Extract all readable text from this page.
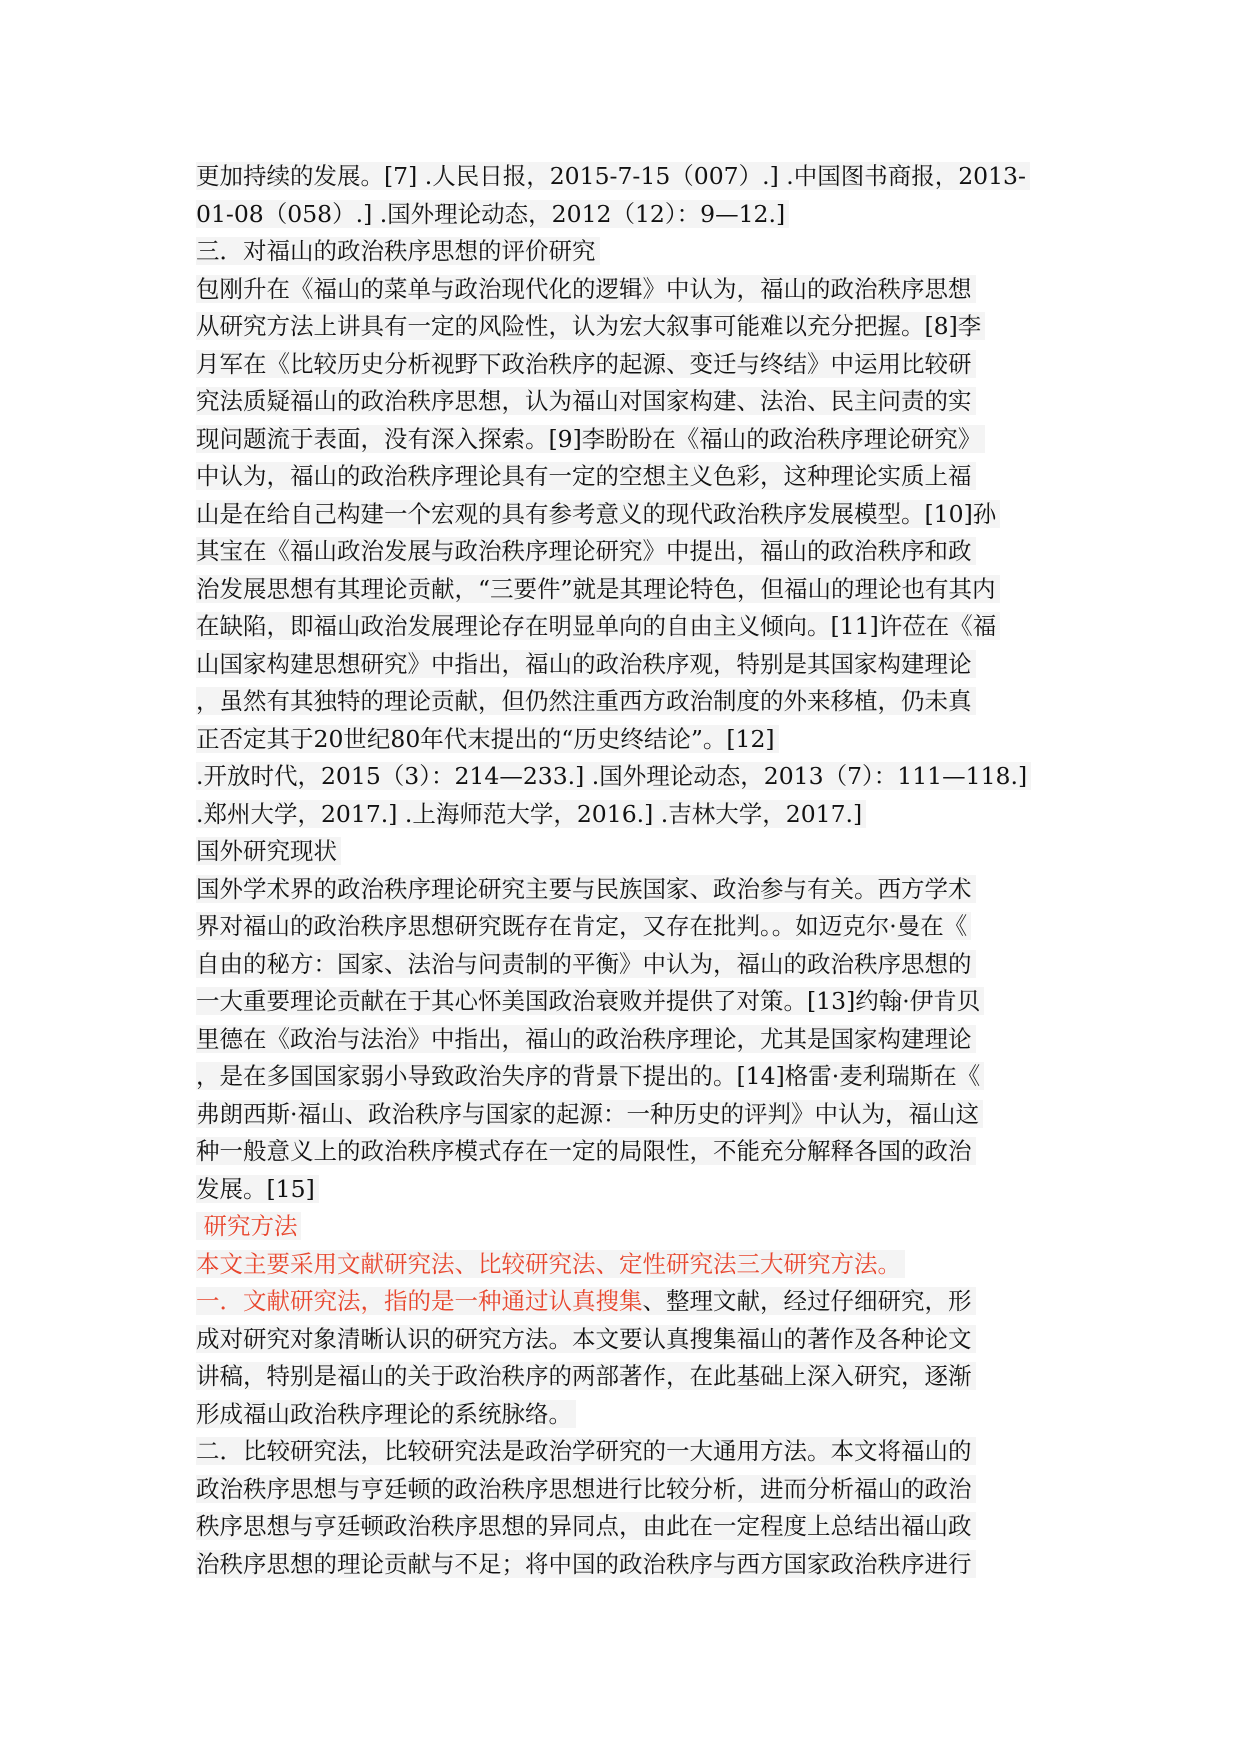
更加持续的发展。[7] .人民日报，2015-7-15（007）.] .中国图书商报，2013-
01-08（058）.] .国外理论动态，2012（12）：9—12.]
三．对福山的政治秩序思想的评价研究
包刚升在《福山的菜单与政治现代化的逻辑》中认为，福山的政治秩序思想
从研究方法上讲具有一定的风险性，认为宏大叙事可能难以充分把握。[8]李
月军在《比较历史分析视野下政治秩序的起源、变迁与终结》中运用比较研
究法质疑福山的政治秩序思想，认为福山对国家构建、法治、民主问责的实
现问题流于表面，没有深入探索。[9]李盼盼在《福山的政治秩序理论研究》
中认为，福山的政治秩序理论具有一定的空想主义色彩，这种理论实质上福
山是在给自己构建一个宏观的具有参考意义的现代政治秩序发展模型。[10]孙
其宝在《福山政治发展与政治秩序理论研究》中提出，福山的政治秩序和政
治发展思想有其理论贡献，“三要件”就是其理论特色，但福山的理论也有其内
在缺陷，即福山政治发展理论存在明显单向的自由主义倾向。[11]许莅在《福
山国家构建思想研究》中指出，福山的政治秩序观，特别是其国家构建理论
，虽然有其独特的理论贡献，但仍然注重西方政治制度的外来移植，仍未真
正否定其于20世纪80年代末提出的“历史终结论”。[12]
.开放时代，2015（3）：214—233.] .国外理论动态，2013（7）：111—118.]
.郑州大学，2017.] .上海师范大学，2016.] .吉林大学，2017.]
国外研究现状
国外学术界的政治秩序理论研究主要与民族国家、政治参与有关。西方学术
界对福山的政治秩序思想研究既存在肯定，又存在批判。。如迈克尔·曼在《
自由的秘方：国家、法治与问责制的平衡》中认为，福山的政治秩序思想的
一大重要理论贡献在于其心怀美国政治衰败并提供了对策。[13]约翰·伊肯贝
里德在《政治与法治》中指出，福山的政治秩序理论，尤其是国家构建理论
，是在多国国家弱小导致政治失序的背景下提出的。[14]格雷·麦利瑞斯在《
弗朗西斯·福山、政治秩序与国家的起源：一种历史的评判》中认为，福山这
种一般意义上的政治秩序模式存在一定的局限性，不能充分解释各国的政治
发展。[15]
研究方法
本文主要采用文献研究法、比较研究法、定性研究法三大研究方法。
一．文献研究法，指的是一种通过认真搜集、整理文献，经过仔细研究，形
成对研究对象清晰认识的研究方法。本文要认真搜集福山的著作及各种论文
讲稿，特别是福山的关于政治秩序的两部著作，在此基础上深入研究，逐渐
形成福山政治秩序理论的系统脉络。
二．比较研究法，比较研究法是政治学研究的一大通用方法。本文将福山的
政治秩序思想与亨廷顿的政治秩序思想进行比较分析，进而分析福山的政治
秩序思想与亨廷顿政治秩序思想的异同点，由此在一定程度上总结出福山政
治秩序思想的理论贡献与不足；将中国的政治秩序与西方国家政治秩序进行
